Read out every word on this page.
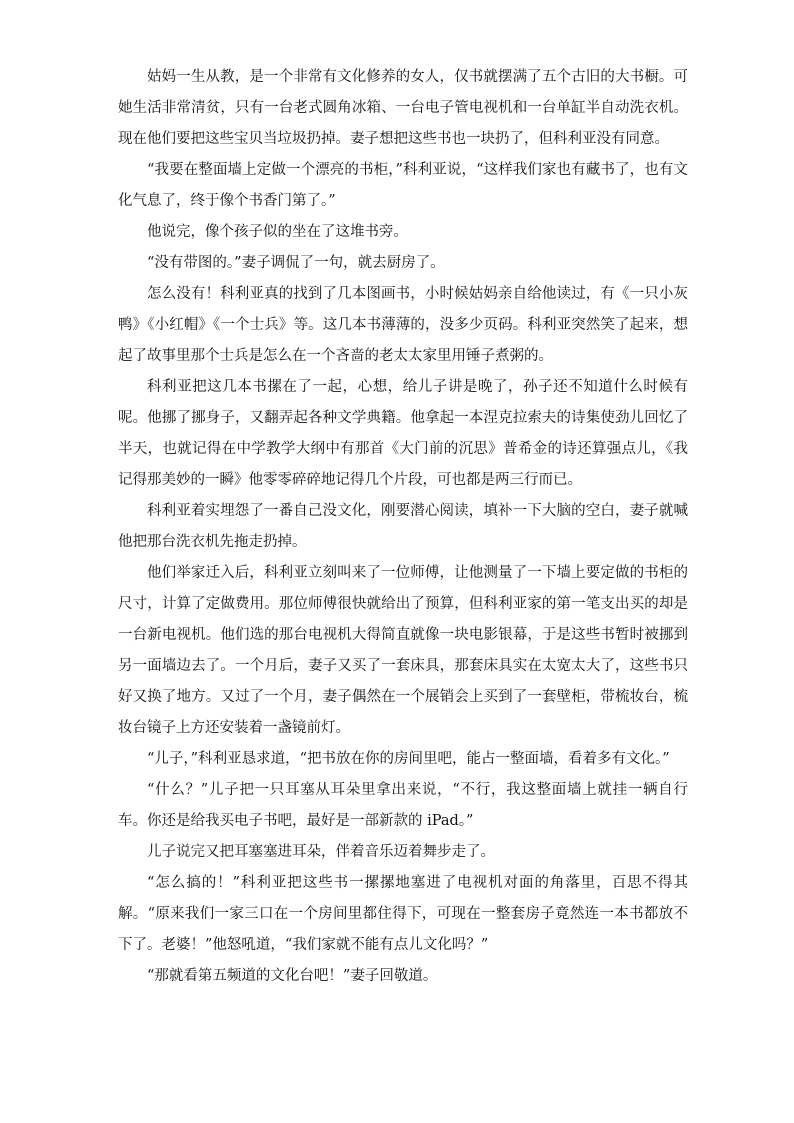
姑妈一生从教，是一个非常有文化修养的女人，仅书就摆满了五个古旧的大书橱。可她生活非常清贫，只有一台老式圆角冰箱、一台电子管电视机和一台单缸半自动洗衣机。现在他们要把这些宝贝当垃圾扔掉。妻子想把这些书也一块扔了，但科利亚没有同意。

“我要在整面墙上定做一个漂亮的书柜，”科利亚说，“这样我们家也有藏书了，也有文化气息了，终于像个书香门第了。”

他说完，像个孩子似的坐在了这堆书旁。

“没有带图的。”妻子调侃了一句，就去厨房了。

怎么没有！科利亚真的找到了几本图画书，小时候姑妈亲自给他读过，有《一只小灰鸭》《小红帽》《一个士兵》等。这几本书薄薄的，没多少页码。科利亚突然笑了起来，想起了故事里那个士兵是怎么在一个吝啬的老太太家里用锤子煮粥的。

科利亚把这几本书摞在了一起，心想，给儿子讲是晚了，孙子还不知道什么时候有呢。他挪了挪身子，又翻弄起各种文学典籍。他拿起一本涅克拉索夫的诗集使劲儿回忆了半天，也就记得在中学教学大纲中有那首《大门前的沉思》普希金的诗还算强点儿，《我记得那美妙的一瞬》他零零碎碎地记得几个片段，可也都是两三行而已。

科利亚着实埋怨了一番自己没文化，刚要潜心阅读，填补一下大脑的空白，妻子就喊他把那台洗衣机先拖走扔掉。

他们举家迁入后，科利亚立刻叫来了一位师傅，让他测量了一下墙上要定做的书柜的尺寸，计算了定做费用。那位师傅很快就给出了预算，但科利亚家的第一笔支出买的却是一台新电视机。他们选的那台电视机大得简直就像一块电影银幕，于是这些书暂时被挪到另一面墙边去了。一个月后，妻子又买了一套床具，那套床具实在太宽太大了，这些书只好又换了地方。又过了一个月，妻子偶然在一个展销会上买到了一套壁柜，带梳妆台，梳妆台镜子上方还安装着一盏镜前灯。

“儿子，”科利亚恳求道，“把书放在你的房间里吧，能占一整面墙，看着多有文化。”

“什么？”儿子把一只耳塞从耳朵里拿出来说，“不行，我这整面墙上就挂一辆自行车。你还是给我买电子书吧，最好是一部新款的 iPad。”

儿子说完又把耳塞塞进耳朵，伴着音乐迈着舞步走了。

“怎么搞的！”科利亚把这些书一摞摞地塞进了电视机对面的角落里，百思不得其解。“原来我们一家三口在一个房间里都住得下，可现在一整套房子竟然连一本书都放不下了。老婆！”他怒吼道，“我们家就不能有点儿文化吗？”

“那就看第五频道的文化台吧！”妻子回敬道。
